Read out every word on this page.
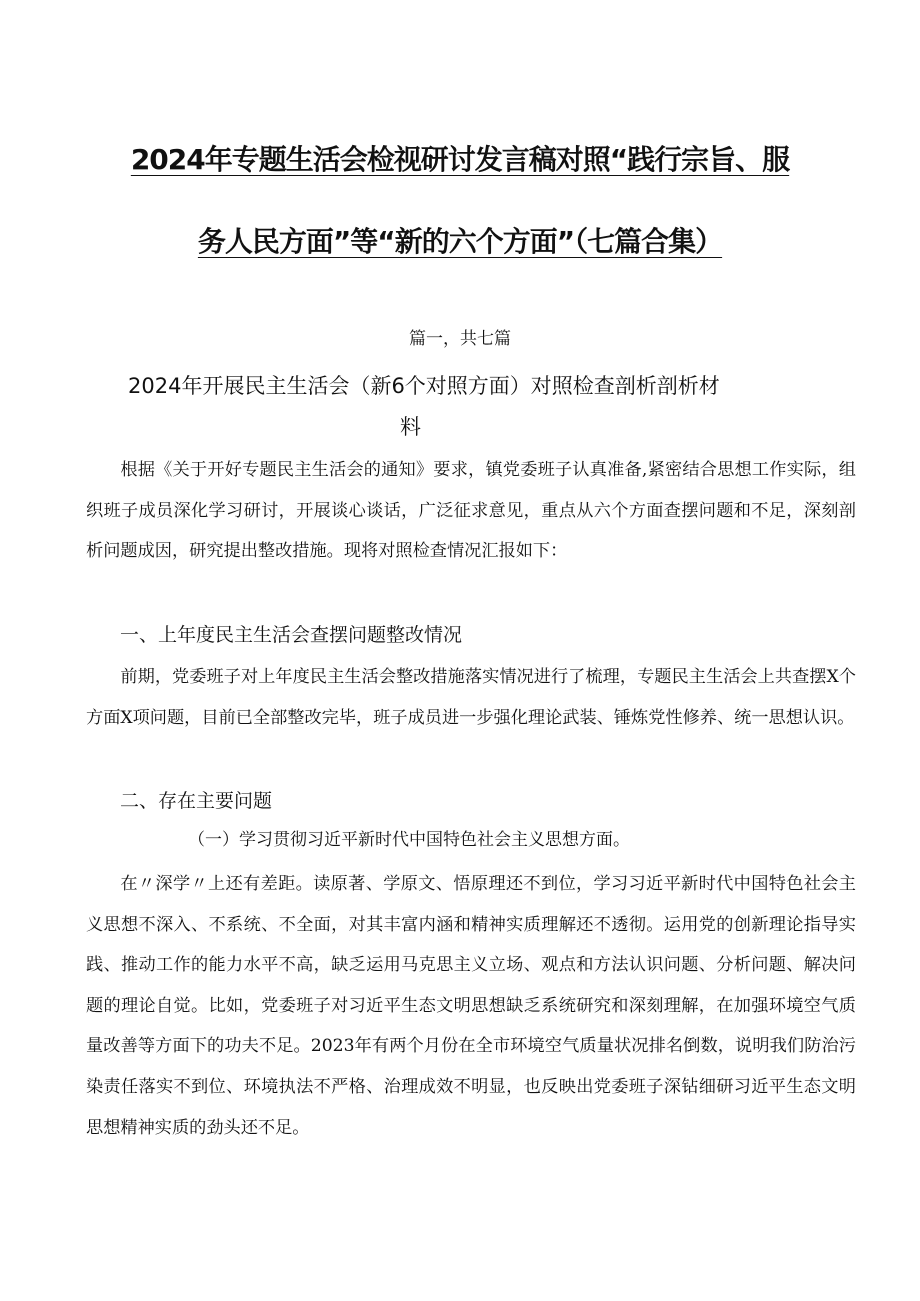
2024年专题生活会检视研讨发言稿对照“践行宗旨、服
务人民方面”等“新的六个方面”（七篇合集）
篇一，共七篇
2024年开展民主生活会（新6个对照方面）对照检查剖析剖析材
料
根据《关于开好专题民主生活会的通知》要求，镇党委班子认真准备,紧密结合思想工作实际，组织班子成员深化学习研讨，开展谈心谈话，广泛征求意见，重点从六个方面查摆问题和不足，深刻剖析问题成因，研究提出整改措施。现将对照检查情况汇报如下：
一、上年度民主生活会查摆问题整改情况
前期，党委班子对上年度民主生活会整改措施落实情况进行了梳理，专题民主生活会上共查摆X个方面X项问题，目前已全部整改完毕，班子成员进一步强化理论武装、锤炼党性修养、统一思想认识。
二、存在主要问题
（一）学习贯彻习近平新时代中国特色社会主义思想方面。
在〃深学〃上还有差距。读原著、学原文、悟原理还不到位，学习习近平新时代中国特色社会主义思想不深入、不系统、不全面，对其丰富内涵和精神实质理解还不透彻。运用党的创新理论指导实践、推动工作的能力水平不高，缺乏运用马克思主义立场、观点和方法认识问题、分析问题、解决问题的理论自觉。比如，党委班子对习近平生态文明思想缺乏系统研究和深刻理解，在加强环境空气质量改善等方面下的功夫不足。2023年有两个月份在全市环境空气质量状况排名倒数，说明我们防治污染责任落实不到位、环境执法不严格、治理成效不明显，也反映出党委班子深钻细研习近平生态文明思想精神实质的劲头还不足。
